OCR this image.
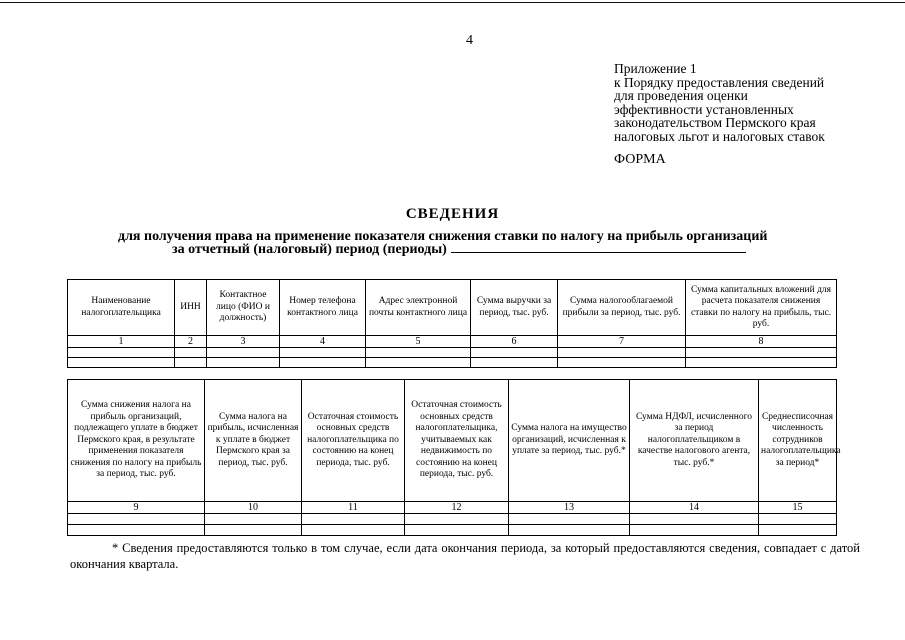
4
Приложение 1
к Порядку предоставления сведений
для проведения оценки
эффективности установленных
законодательством Пермского края
налоговых льгот и налоговых ставок
ФОРМА
СВЕДЕНИЯ
для получения права на применение показателя снижения ставки по налогу на прибыль организаций
за отчетный (налоговый) период (периоды)
Наименование налогоплательщика	ИНН	Контактное лицо (ФИО и должность)	Номер телефона контактного лица	Адрес электронной почты контактного лица	Сумма выручки за период, тыс. руб.	Сумма налогооблагаемой прибыли за период, тыс. руб.	Сумма капитальных вложений для расчета показателя снижения ставки по налогу на прибыль, тыс. руб.
1	2	3	4	5	6	7	8

Сумма снижения налога на прибыль организаций, подлежащего уплате в бюджет Пермского края, в результате применения показателя снижения по налогу на прибыль за период, тыс. руб.	Сумма налога на прибыль, исчисленная к уплате в бюджет Пермского края за период, тыс. руб.	Остаточная стоимость основных средств налогоплательщика по состоянию на конец периода, тыс. руб.	Остаточная стоимость основных средств налогоплательщика, учитываемых как недвижимость по состоянию на конец периода, тыс. руб.	Сумма налога на имущество организаций, исчисленная к уплате за период, тыс. руб.*	Сумма НДФЛ, исчисленного за период налогоплательщиком в качестве налогового агента, тыс. руб.*	Среднесписочная численность сотрудников налогоплательщика за период*
9	10	11	12	13	14	15

* Сведения предоставляются только в том случае, если дата окончания периода, за который предоставляются сведения, совпадает с датой окончания квартала.
